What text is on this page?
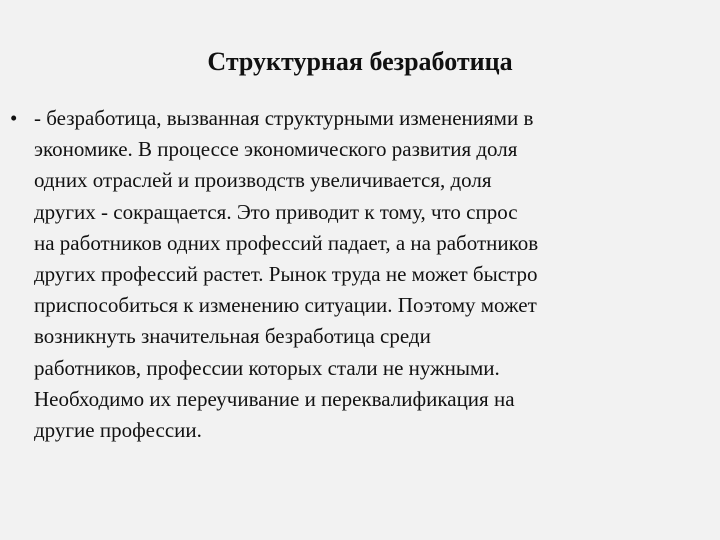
Структурная безработица
• - безработица, вызванная структурными изменениями в
экономике. В процессе экономического развития доля
одних отраслей и производств увеличивается, доля
других - сокращается. Это приводит к тому, что спрос
на работников одних профессий падает, а на работников
других профессий растет. Рынок труда не может быстро
приспособиться к изменению ситуации. Поэтому может
возникнуть значительная безработица среди
работников, профессии которых стали не нужными.
Необходимо их переучивание и переквалификация на
другие профессии.
